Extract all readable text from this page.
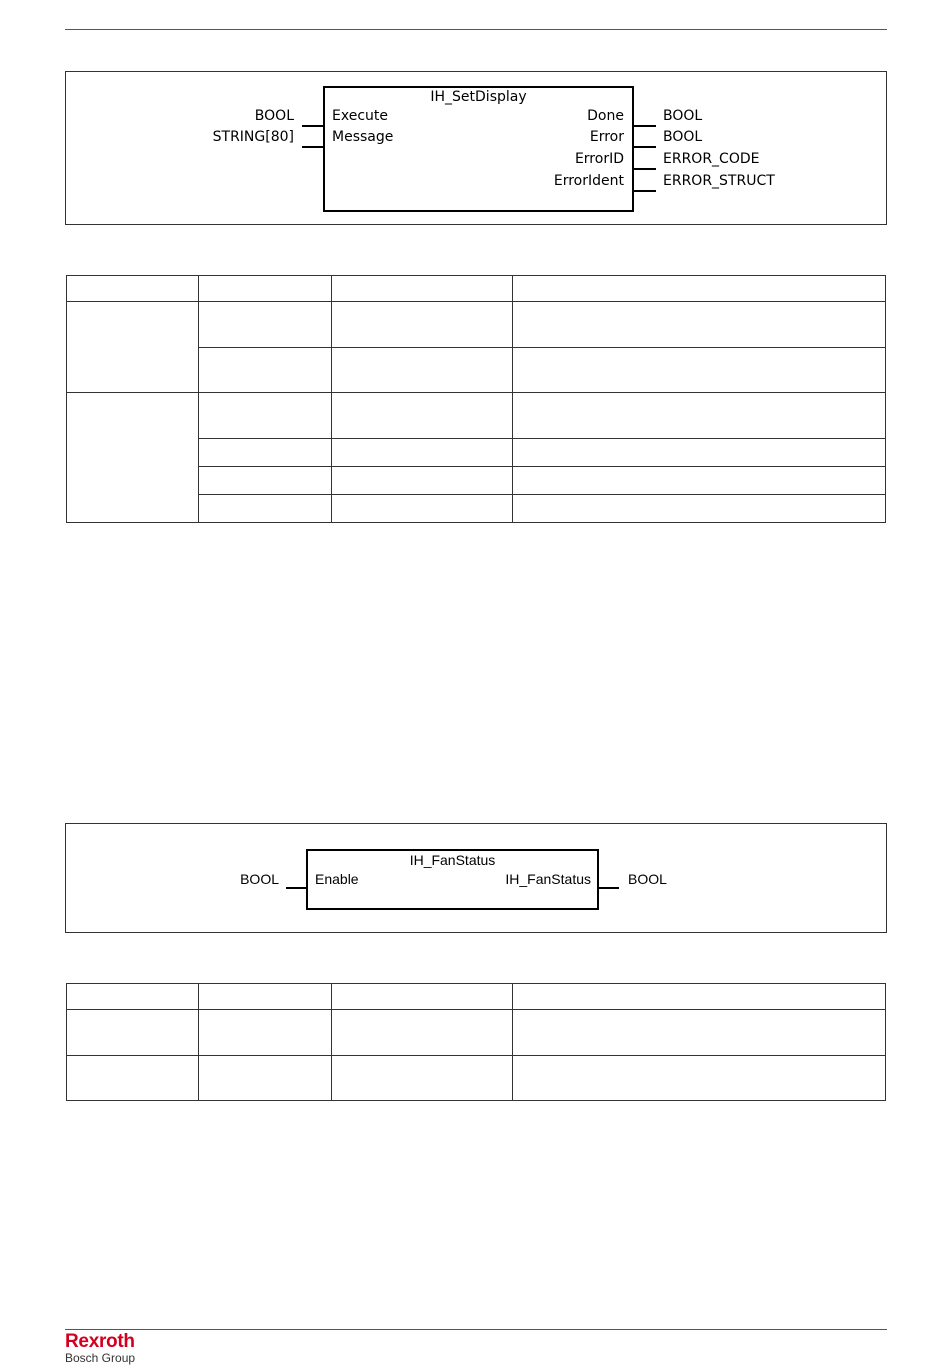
IH_SetDisplay
BOOL	Execute
STRING[80]	Message
Done	BOOL
Error	BOOL
ErrorID	ERROR_CODE
ErrorIdent	ERROR_STRUCT

IH_FanStatus
BOOL	Enable	IH_FanStatus	BOOL

Rexroth
Bosch Group
